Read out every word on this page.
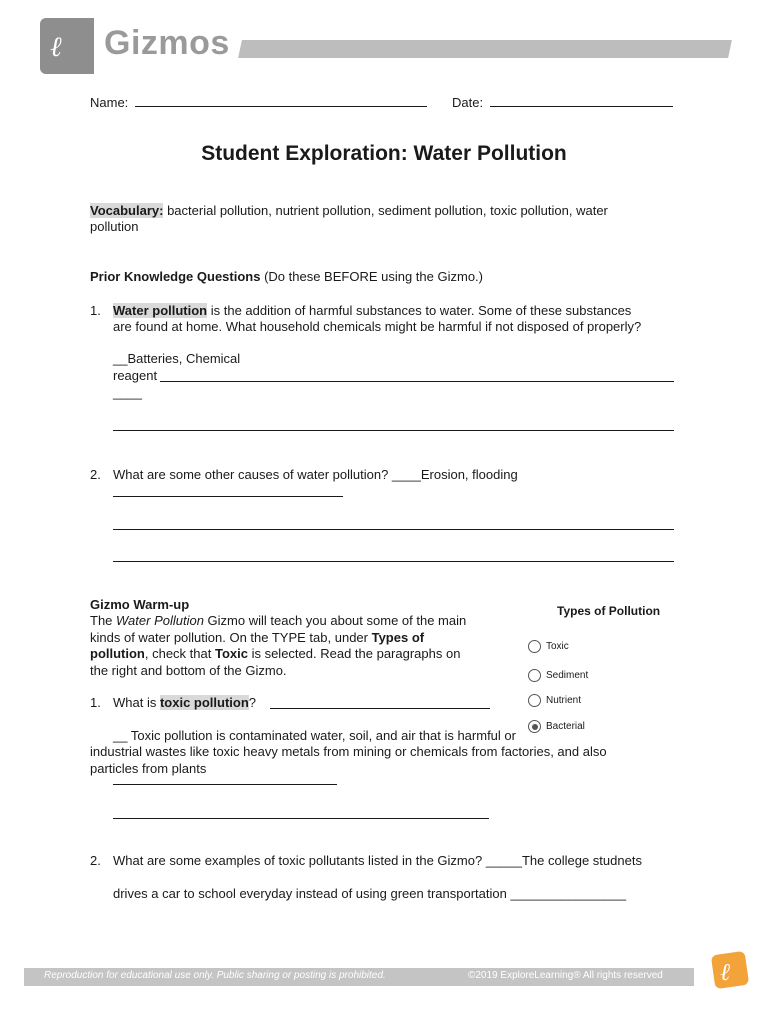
ℓ Gizmos
Name:	Date:
Student Exploration: Water Pollution
Vocabulary: bacterial pollution, nutrient pollution, sediment pollution, toxic pollution, water
pollution
Prior Knowledge Questions (Do these BEFORE using the Gizmo.)
1. Water pollution is the addition of harmful substances to water. Some of these substances
are found at home. What household chemicals might be harmful if not disposed of properly?
__Batteries, Chemical
reagent
____
2. What are some other causes of water pollution? ____Erosion, flooding
Gizmo Warm-up
The Water Pollution Gizmo will teach you about some of the main
kinds of water pollution. On the TYPE tab, under Types of
pollution, check that Toxic is selected. Read the paragraphs on
the right and bottom of the Gizmo.
1. What is toxic pollution?
__ Toxic pollution is contaminated water, soil, and air that is harmful or
industrial wastes like toxic heavy metals from mining or chemicals from factories, and also
particles from plants
2. What are some examples of toxic pollutants listed in the Gizmo? _____The college studnets
drives a car to school everyday instead of using green transportation ________________
Types of Pollution
Toxic
Sediment
Nutrient
Bacterial
Reproduction for educational use only. Public sharing or posting is prohibited.	©2019 ExploreLearning® All rights reserved ℓ
